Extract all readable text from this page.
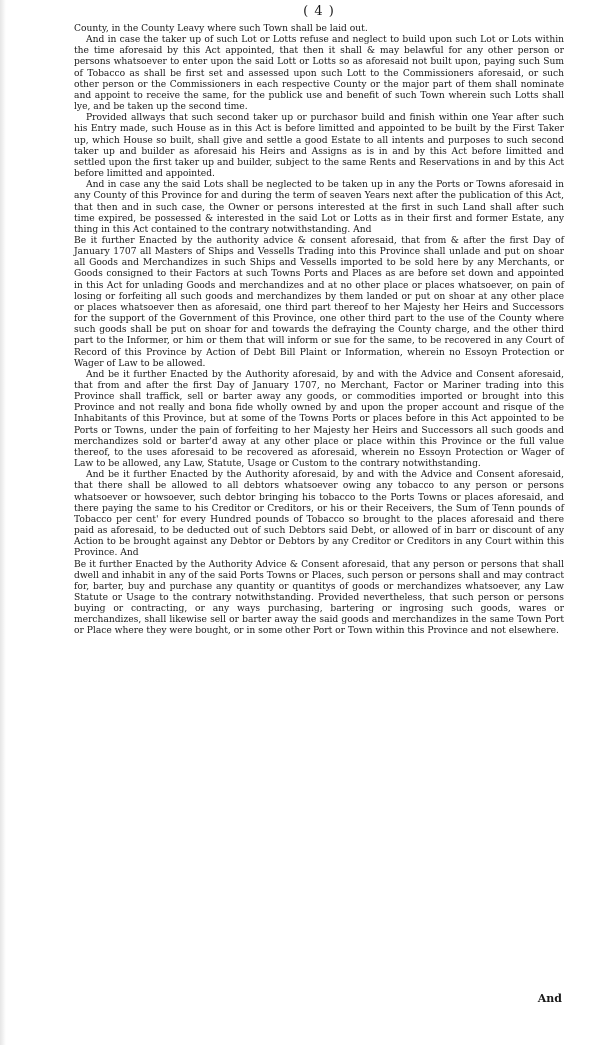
( 4 )

County, in the County Leavy where such Town shall be laid out.

And in case the taker up of such Lot or Lotts refuse and neglect to build upon such Lot or Lots within the time aforesaid by this Act appointed, that then it shall & may belawful for any other person or persons whatsoever to enter upon the said Lott or Lotts so as aforesaid not built upon, paying such Sum of Tobacco as shall be first set and assessed upon such Lott to the Commissioners aforesaid, or such other person or the Commissioners in each respective County or the major part of them shall nominate and appoint to receive the same, for the publick use and benefit of such Town wherein such Lotts shall lye, and be taken up the second time.

Provided allways that such second taker up or purchasor build and finish within one Year after such his Entry made, such House as in this Act is before limitted and appointed to be built by the First Taker up, which House so built, shall give and settle a good Estate to all intents and purposes to such second taker up and builder as aforesaid his Heirs and Assigns as is in and by this Act before limitted and settled upon the first taker up and builder, subject to the same Rents and Reservations in and by this Act before limitted and appointed.

And in case any the said Lots shall be neglected to be taken up in any the Ports or Towns aforesaid in any County of this Province for and during the term of seaven Years next after the publication of this Act, that then and in such case, the Owner or persons interested at the first in such Land shall after such time expired, be possessed & interested in the said Lot or Lotts as in their first and former Estate, any thing in this Act contained to the contrary notwithstanding. And

Be it further Enacted by the authority advice & consent aforesaid, that from & after the first Day of January 1707 all Masters of Ships and Vessells Trading into this Province shall unlade and put on shoar all Goods and Merchandizes in such Ships and Vessells imported to be sold here by any Merchants, or Goods consigned to their Factors at such Towns Ports and Places as are before set down and appointed in this Act for unlading Goods and merchandizes and at no other place or places whatsoever, on pain of losing or forfeiting all such goods and merchandizes by them landed or put on shoar at any other place or places whatsoever then as aforesaid, one third part thereof to her Majesty her Heirs and Successors for the support of the Government of this Province, one other third part to the use of the County where such goods shall be put on shoar for and towards the defraying the County charge, and the other third part to the Informer, or him or them that will inform or sue for the same, to be recovered in any Court of Record of this Province by Action of Debt Bill Plaint or Information, wherein no Essoyn Protection or Wager of Law to be allowed.

And be it further Enacted by the Authority aforesaid, by and with the Advice and Consent aforesaid, that from and after the first Day of January 1707, no Merchant, Factor or Mariner trading into this Province shall traffick, sell or barter away any goods, or commodities imported or brought into this Province and not really and bona fide wholly owned by and upon the proper account and risque of the Inhabitants of this Province, but at some of the Towns Ports or places before in this Act appointed to be Ports or Towns, under the pain of forfeiting to her Majesty her Heirs and Successors all such goods and merchandizes sold or barter'd away at any other place or place within this Province or the full value thereof, to the uses aforesaid to be recovered as aforesaid, wherein no Essoyn Protection or Wager of Law to be allowed, any Law, Statute, Usage or Custom to the contrary notwithstanding.

And be it further Enacted by the Authority aforesaid, by and with the Advice and Consent aforesaid, that there shall be allowed to all debtors whatsoever owing any tobacco to any person or persons whatsoever or howsoever, such debtor bringing his tobacco to the Ports Towns or places aforesaid, and there paying the same to his Creditor or Creditors, or his or their Receivers, the Sum of Tenn pounds of Tobacco per cent' for every Hundred pounds of Tobacco so brought to the places aforesaid and there paid as aforesaid, to be deducted out of such Debtors said Debt, or allowed of in barr or discount of any Action to be brought against any Debtor or Debtors by any Creditor or Creditors in any Court within this Province. And

Be it further Enacted by the Authority Advice & Consent aforesaid, that any person or persons that shall dwell and inhabit in any of the said Ports Towns or Places, such person or persons shall and may contract for, barter, buy and purchase any quantity or quantitys of goods or merchandizes whatsoever, any Law Statute or Usage to the contrary notwithstanding. Provided nevertheless, that such person or persons buying or contracting, or any ways purchasing, bartering or ingrosing such goods, wares or merchandizes, shall likewise sell or barter away the said goods and merchandizes in the same Town Port or Place where they were bought, or in some other Port or Town within this Province and not elsewhere.

And
